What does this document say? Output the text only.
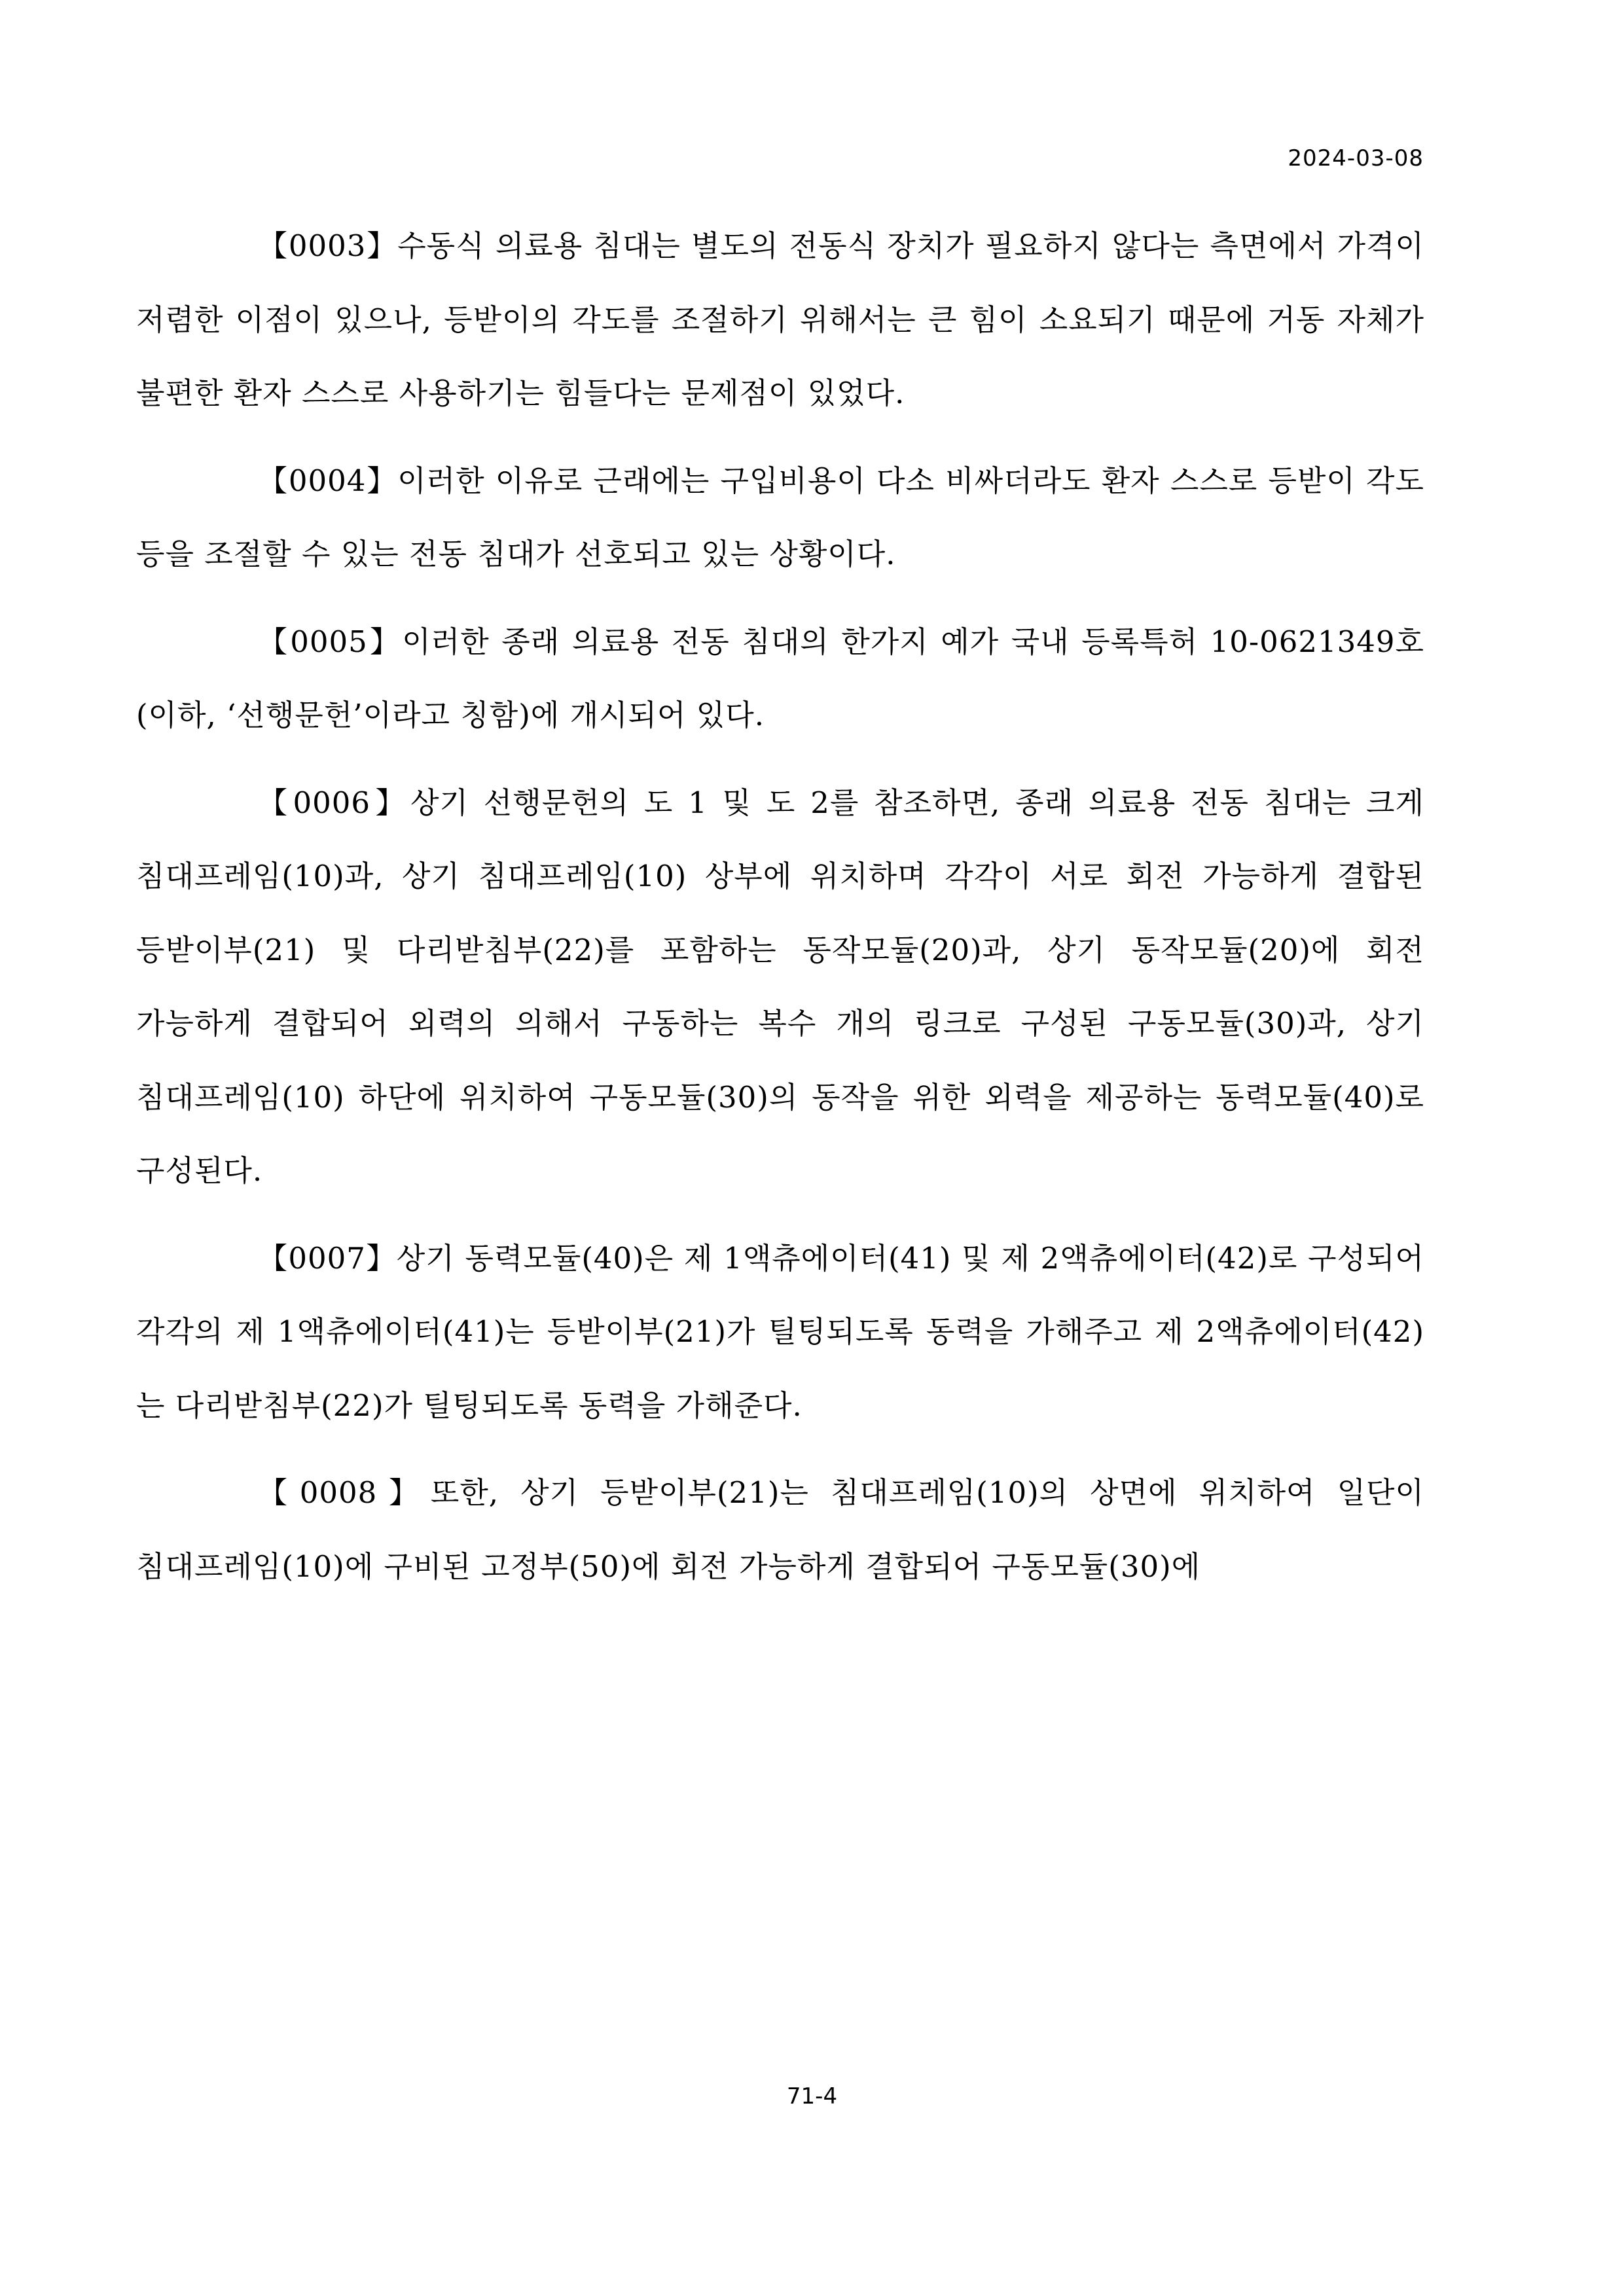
2024-03-08

【0003】수동식 의료용 침대는 별도의 전동식 장치가 필요하지 않다는 측면에서 가격이 저렴한 이점이 있으나, 등받이의 각도를 조절하기 위해서는 큰 힘이 소요되기 때문에 거동 자체가 불편한 환자 스스로 사용하기는 힘들다는 문제점이 있었다.

【0004】이러한 이유로 근래에는 구입비용이 다소 비싸더라도 환자 스스로 등받이 각도 등을 조절할 수 있는 전동 침대가 선호되고 있는 상황이다.

【0005】이러한 종래 의료용 전동 침대의 한가지 예가 국내 등록특허 10-0621349호(이하, ‘선행문헌’이라고 칭함)에 개시되어 있다.

【0006】상기 선행문헌의 도 1 및 도 2를 참조하면, 종래 의료용 전동 침대는 크게 침대프레임(10)과, 상기 침대프레임(10) 상부에 위치하며 각각이 서로 회전 가능하게 결합된 등받이부(21) 및 다리받침부(22)를 포함하는 동작모듈(20)과, 상기 동작모듈(20)에 회전 가능하게 결합되어 외력의 의해서 구동하는 복수 개의 링크로 구성된 구동모듈(30)과, 상기 침대프레임(10) 하단에 위치하여 구동모듈(30)의 동작을 위한 외력을 제공하는 동력모듈(40)로 구성된다.

【0007】상기 동력모듈(40)은 제 1액츄에이터(41) 및 제 2액츄에이터(42)로 구성되어 각각의 제 1액츄에이터(41)는 등받이부(21)가 틸팅되도록 동력을 가해주고 제 2액츄에이터(42)는 다리받침부(22)가 틸팅되도록 동력을 가해준다.

【0008】또한, 상기 등받이부(21)는 침대프레임(10)의 상면에 위치하여 일단이 침대프레임(10)에 구비된 고정부(50)에 회전 가능하게 결합되어 구동모듈(30)에

71-4
